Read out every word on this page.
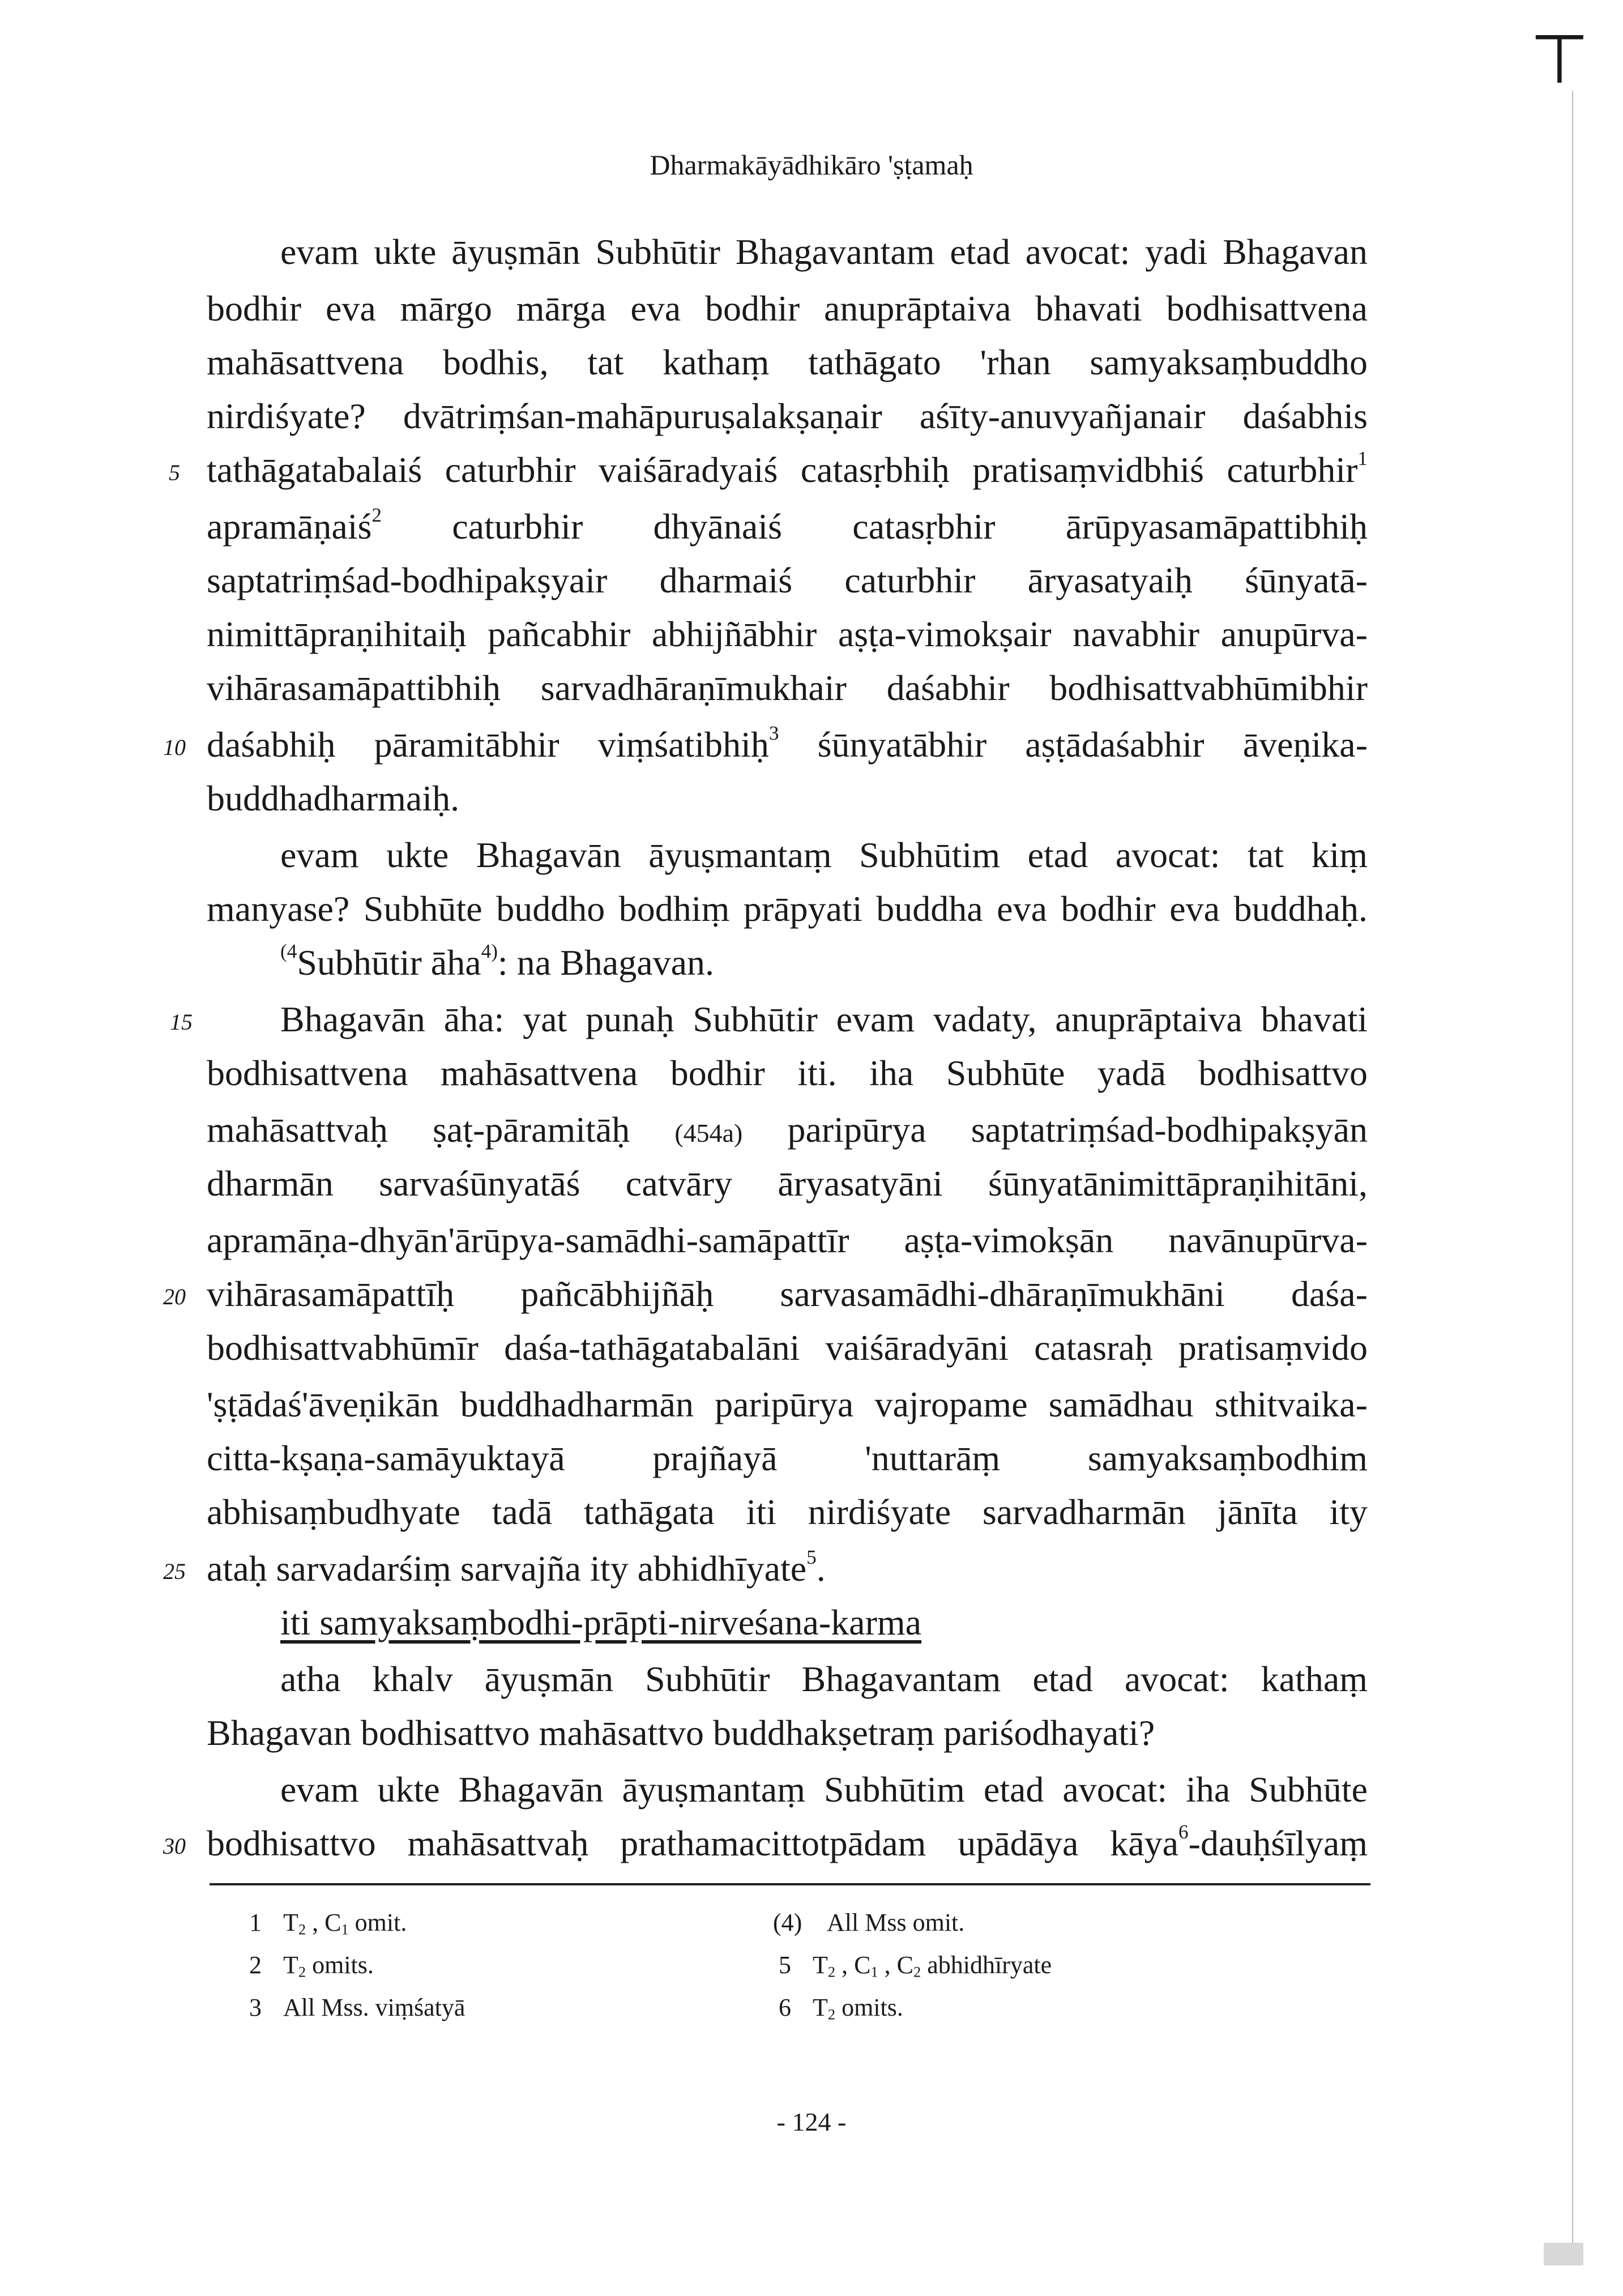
Dharmakāyādhikāro 'ṣṭamaḥ
evam ukte āyuṣmān Subhūtir Bhagavantam etad avocat: yadi Bhagavan
bodhir eva mārgo mārga eva bodhir anuprāptaiva bhavati bodhisattvena
mahāsattvena bodhis, tat kathaṃ tathāgato 'rhan samyaksaṃbuddho
nirdiśyate? dvātriṃśan-mahāpuruṣalakṣaṇair aśīty-anuvyañjanair daśabhis
5 tathāgatabalaiś caturbhir vaiśāradyaiś catasṛbhiḥ pratisaṃvidbhiś caturbhir$^1$
apramāṇaiś$^2$ caturbhir dhyānaiś catasṛbhir ārūpyasamāpattibhiḥ
saptatriṃśad-bodhipakṣyair dharmaiś caturbhir āryasatyaiḥ śūnyatā-
nimittāpraṇihitaiḥ pañcabhir abhijñābhir aṣṭa-vimokṣair navabhir anupūrva-
vihārasamāpattibhiḥ sarvadhāraṇīmukhair daśabhir bodhisattvabhūmibhir
10 daśabhiḥ pāramitābhir viṃśatibhiḥ$^3$ śūnyatābhir aṣṭādaśabhir āveṇika-
buddhadharmaiḥ.
evam ukte Bhagavān āyuṣmantaṃ Subhūtim etad avocat: tat kiṃ
manyase? Subhūte buddho bodhiṃ prāpyati buddha eva bodhir eva buddhaḥ.
$^{(4}$Subhūtir āha$^{4)}$: na Bhagavan.
15 Bhagavān āha: yat punaḥ Subhūtir evam vadaty, anuprāptaiva bhavati
bodhisattvena mahāsattvena bodhir iti. iha Subhūte yadā bodhisattvo
mahāsattvaḥ ṣaṭ-pāramitāḥ (454a) paripūrya saptatriṃśad-bodhipakṣyān
dharmān sarvaśūnyatāś catvāry āryasatyāni śūnyatānimittāpraṇihitāni,
apramāṇa-dhyān'ārūpya-samādhi-samāpattīr aṣṭa-vimokṣān navānupūrva-
20 vihārasamāpattīḥ pañcābhijñāḥ sarvasamādhi-dhāraṇīmukhāni daśa-
bodhisattvabhūmīr daśa-tathāgatabalāni vaiśāradyāni catasraḥ pratisaṃvido
'ṣṭādaś'āveṇikān buddhadharmān paripūrya vajropame samādhau sthitvaika-
citta-kṣaṇa-samāyuktayā prajñayā 'nuttarāṃ samyaksaṃbodhim
abhisaṃbudhyate tadā tathāgata iti nirdiśyate sarvadharmān jānīta ity
25 ataḥ sarvadarśiṃ sarvajña ity abhidhīyate$^5$.
iti samyaksaṃbodhi-prāpti-nirveśana-karma
atha khalv āyuṣmān Subhūtir Bhagavantam etad avocat: kathaṃ
Bhagavan bodhisattvo mahāsattvo buddhakṣetraṃ pariśodhayati?
evam ukte Bhagavān āyuṣmantaṃ Subhūtim etad avocat: iha Subhūte
30 bodhisattvo mahāsattvaḥ prathamacittotpādam upādāya kāya$^6$-dauḥśīlyaṃ
1 $T_2$ , $C_1$ omit.
2 $T_2$ omits.
3 All Mss. viṃśatyā
(4) All Mss omit.
5 $T_2$ , $C_1$ , $C_2$ abhidhīryate
6 $T_2$ omits.
- 124 -
⊤
